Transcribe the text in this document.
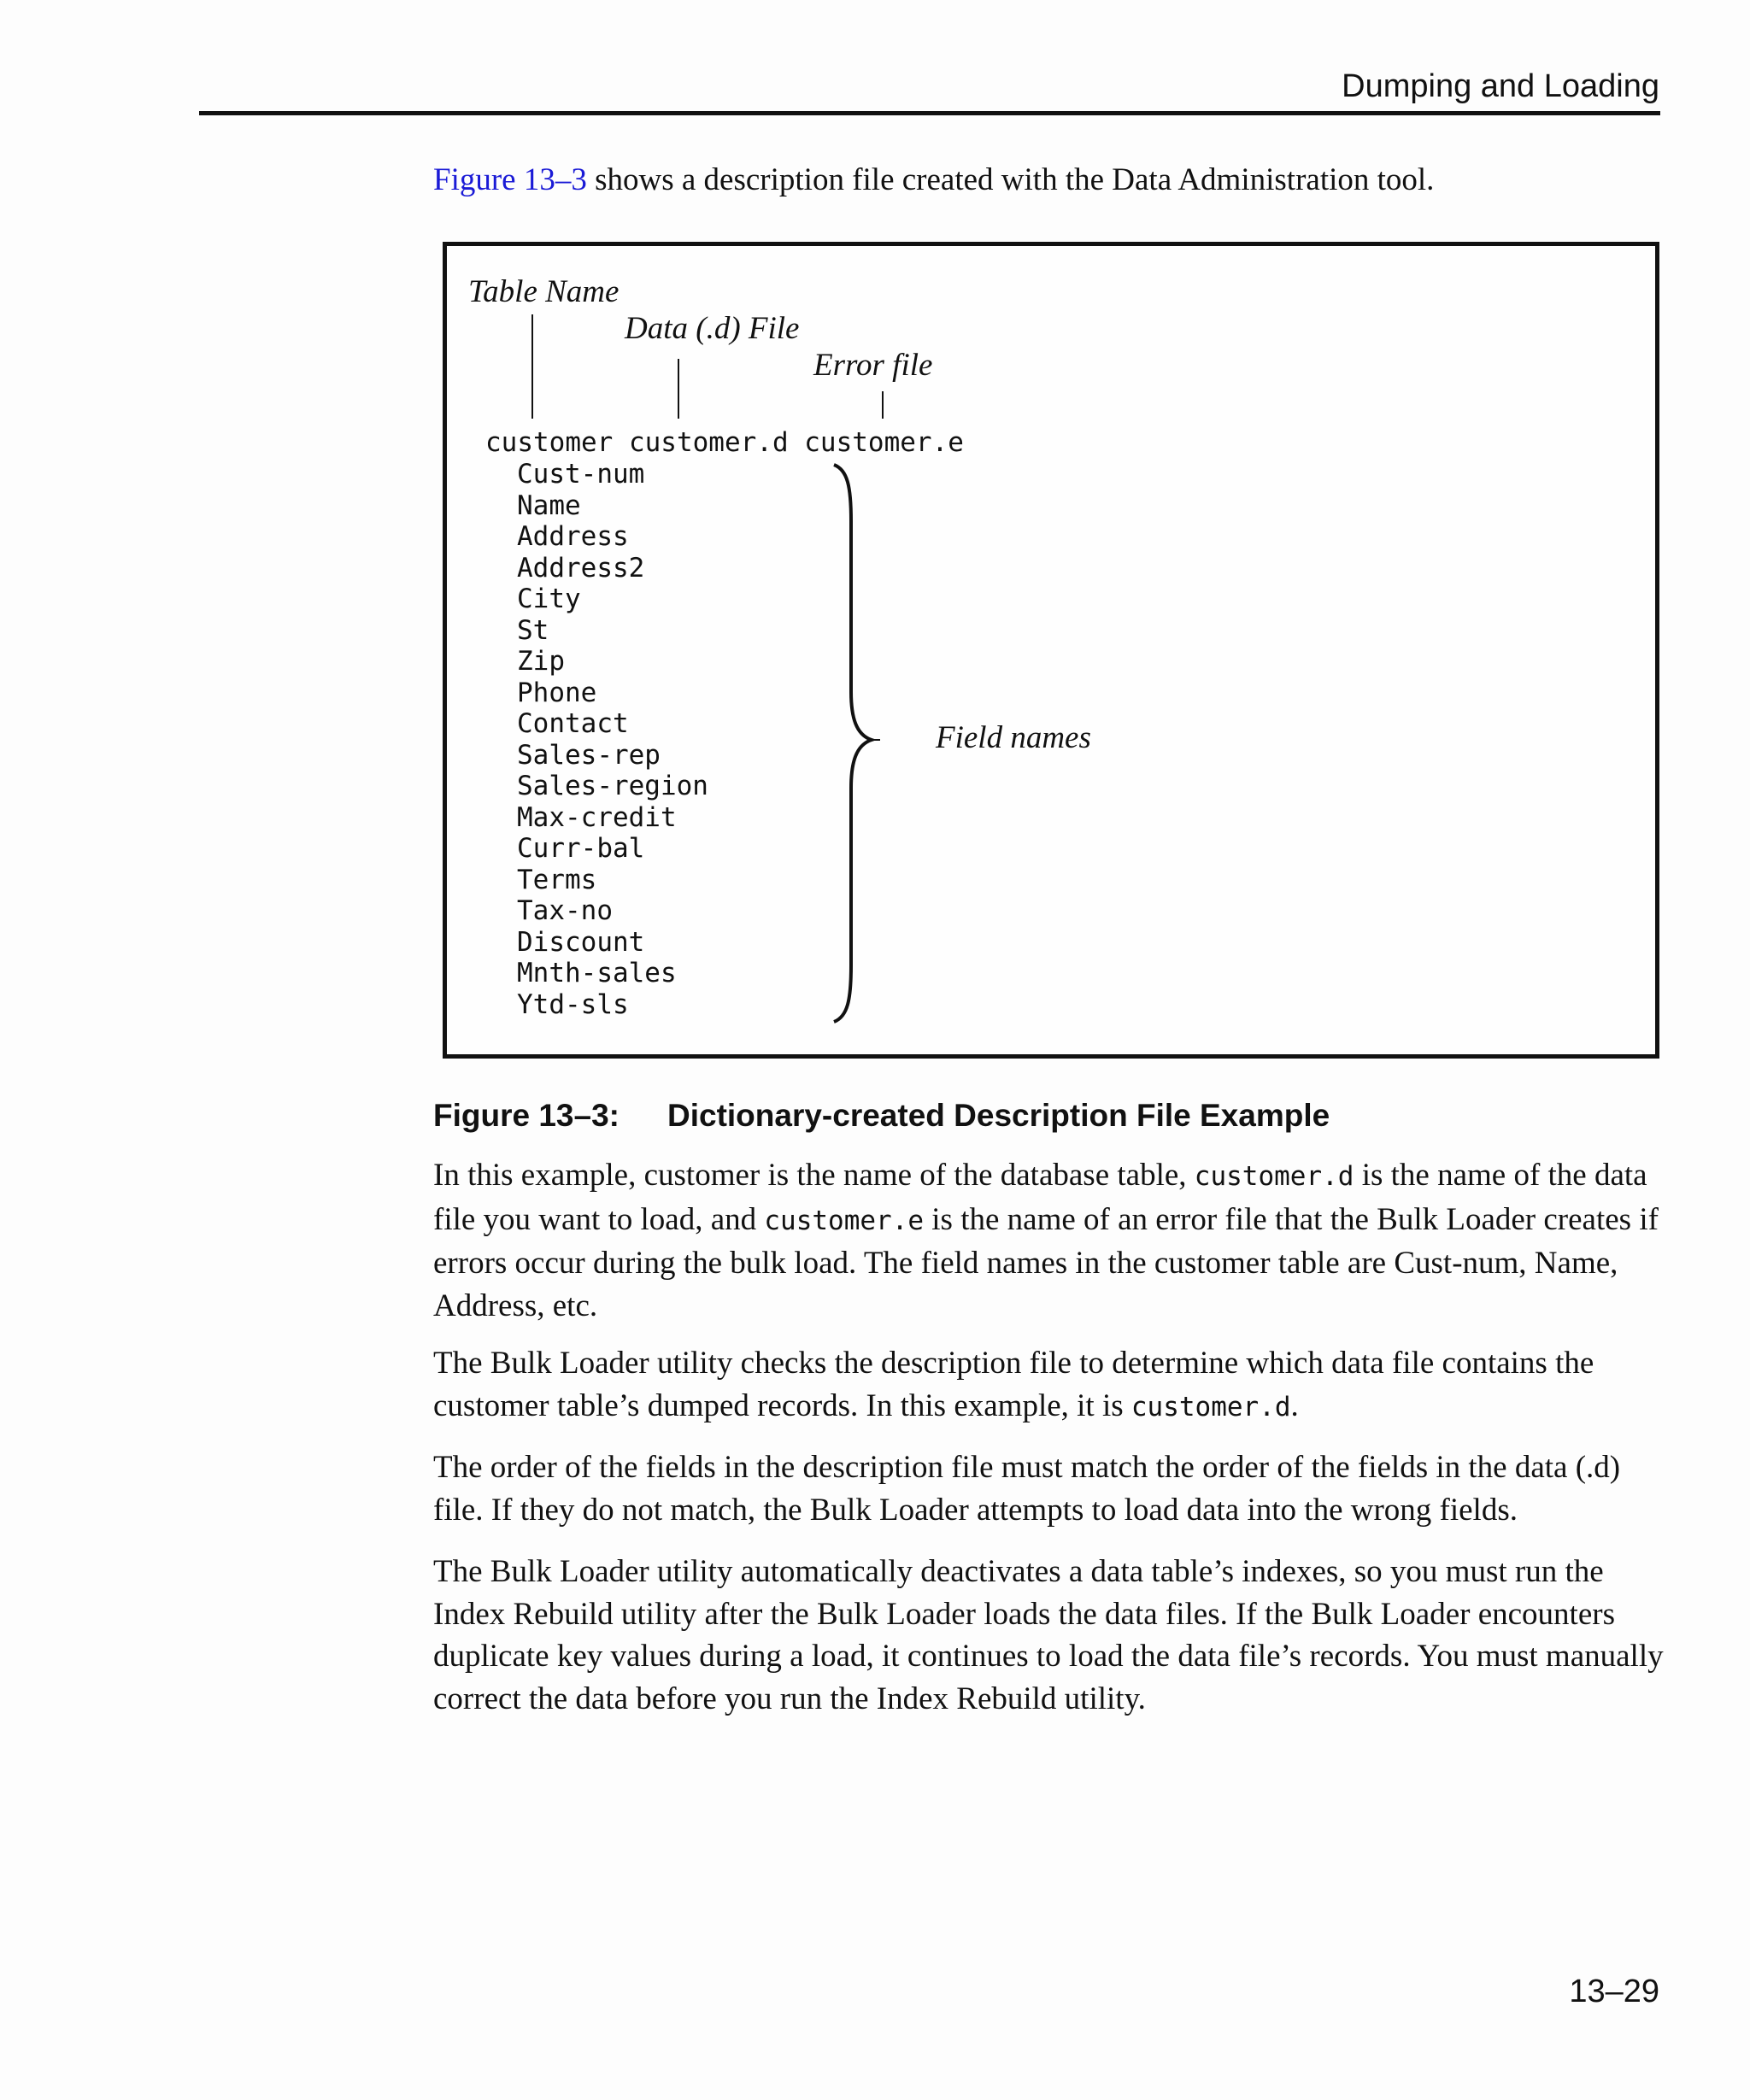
Dumping and Loading
Figure 13–3 shows a description file created with the Data Administration tool.
Table Name
Data (.d) File
Error file
Field names
customer customer.d customer.e
Cust-num
Name
Address
Address2
City
St
Zip
Phone
Contact
Sales-rep
Sales-region
Max-credit
Curr-bal
Terms
Tax-no
Discount
Mnth-sales
Ytd-sls
Figure 13–3: Dictionary-created Description File Example

In this example, customer is the name of the database table, customer.d is the name of the data file you want to load, and customer.e is the name of an error file that the Bulk Loader creates if errors occur during the bulk load. The field names in the customer table are Cust-num, Name, Address, etc.

The Bulk Loader utility checks the description file to determine which data file contains the customer table’s dumped records. In this example, it is customer.d.

The order of the fields in the description file must match the order of the fields in the data (.d) file. If they do not match, the Bulk Loader attempts to load data into the wrong fields.

The Bulk Loader utility automatically deactivates a data table’s indexes, so you must run the Index Rebuild utility after the Bulk Loader loads the data files. If the Bulk Loader encounters duplicate key values during a load, it continues to load the data file’s records. You must manually correct the data before you run the Index Rebuild utility.

13–29
